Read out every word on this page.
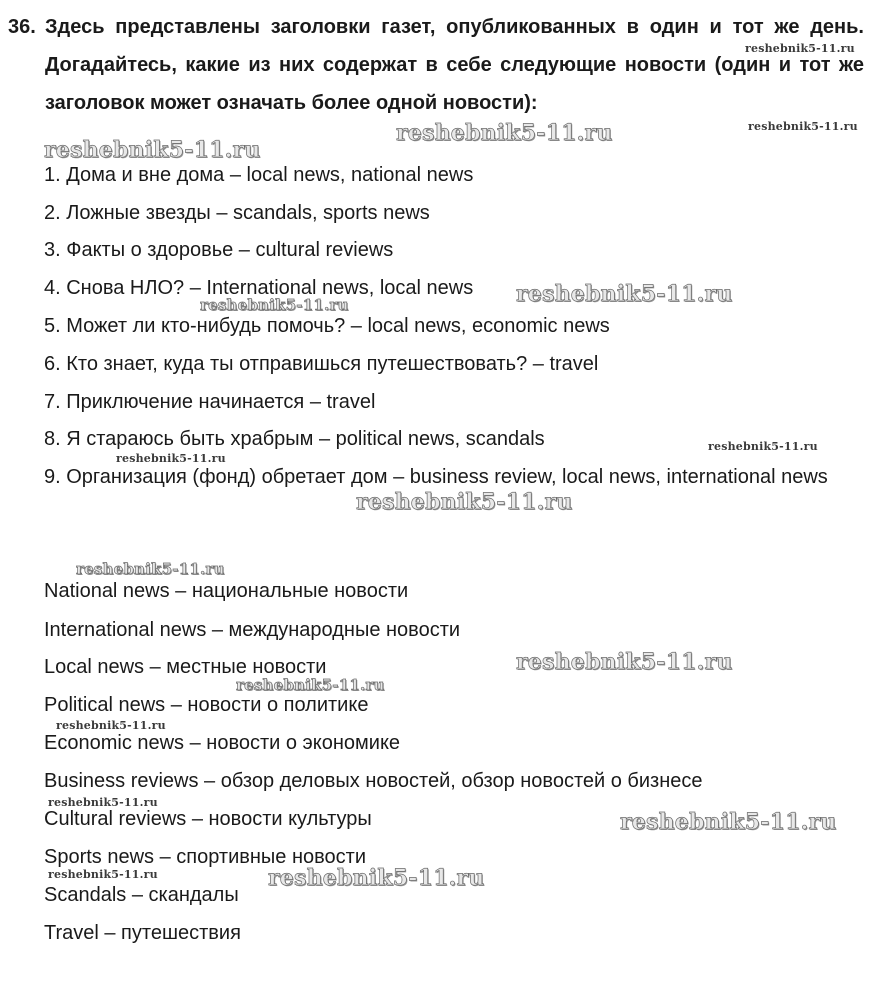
36. Здесь представлены заголовки газет, опубликованных в один и тот же день. Догадайтесь, какие из них содержат в себе следующие новости (один и тот же заголовок может означать более одной новости):
1. Дома и вне дома – local news, national news
2. Ложные звезды – scandals, sports news
3. Факты о здоровье – cultural reviews
4. Снова НЛО? – International news, local news
5. Может ли кто-нибудь помочь? – local news, economic news
6. Кто знает, куда ты отправишься путешествовать? – travel
7. Приключение начинается – travel
8. Я стараюсь быть храбрым – political news, scandals
9. Организация (фонд) обретает дом – business review, local news, international news
National news – национальные новости
International news – международные новости
Local news – местные новости
Political news – новости о политике
Economic news – новости о экономике
Business reviews – обзор деловых новостей, обзор новостей о бизнесе
Cultural reviews – новости культуры
Sports news – спортивные новости
Scandals – скандалы
Travel – путешествия
reshebnik5-11.ru
reshebnik5-11.ru
reshebnik5-11.ru
reshebnik5-11.ru
reshebnik5-11.ru
reshebnik5-11.ru
reshebnik5-11.ru
reshebnik5-11.ru
reshebnik5-11.ru
reshebnik5-11.ru
reshebnik5-11.ru
reshebnik5-11.ru
reshebnik5-11.ru
reshebnik5-11.ru
reshebnik5-11.ru
reshebnik5-11.ru	reshebnik5-11.ru
